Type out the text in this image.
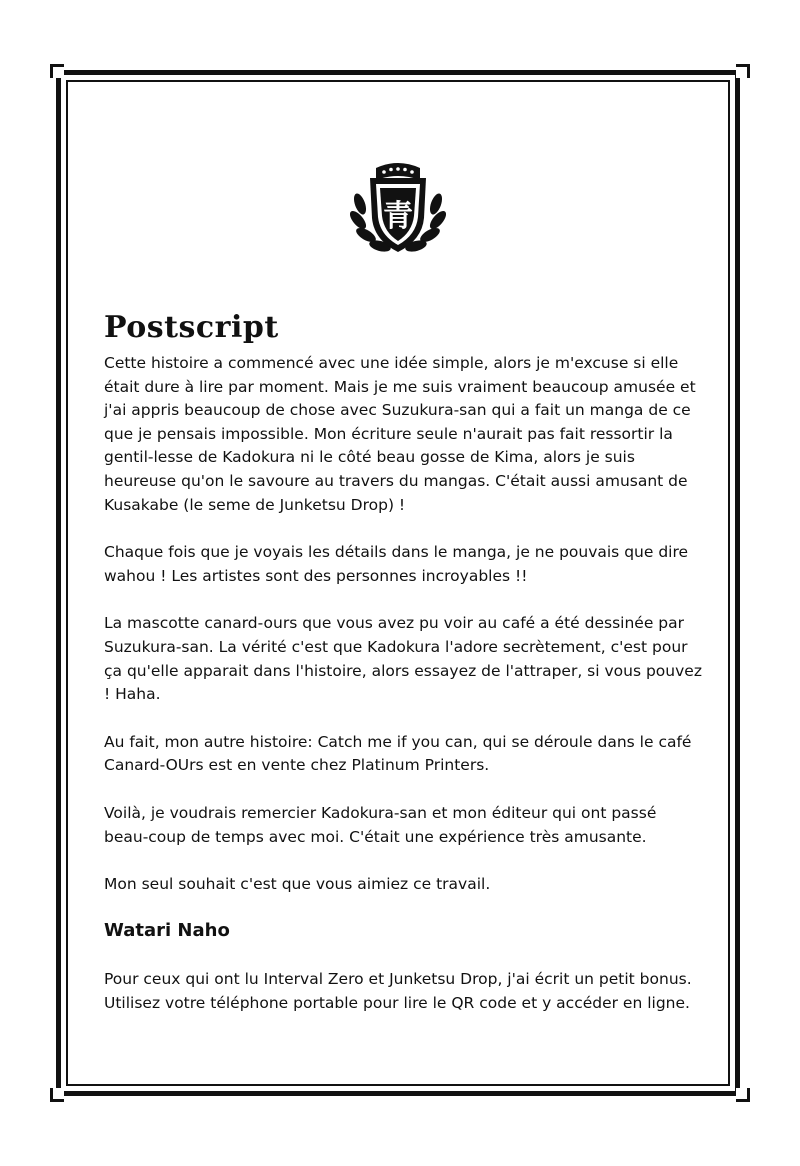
青
Postscript

Cette histoire a commencé avec une idée simple, alors je m'excuse si elle était dure à lire par moment. Mais je me suis vraiment beaucoup amusée et j'ai appris beaucoup de chose avec Suzukura-san qui a fait un manga de ce que je pensais impossible. Mon écriture seule n'aurait pas fait ressortir la gentil-lesse de Kadokura ni le côté beau gosse de Kima, alors je suis heureuse qu'on le savoure au travers du mangas. C'était aussi amusant de Kusakabe (le seme de Junketsu Drop) !

Chaque fois que je voyais les détails dans le manga, je ne pouvais que dire wahou ! Les artistes sont des personnes incroyables !!

La mascotte canard-ours que vous avez pu voir au café a été dessinée par Suzukura-san. La vérité c'est que Kadokura l'adore secrètement, c'est pour ça qu'elle apparait dans l'histoire, alors essayez de l'attraper, si vous pouvez ! Haha.

Au fait, mon autre histoire: Catch me if you can, qui se déroule dans le café Canard-OUrs est en vente chez Platinum Printers.

Voilà, je voudrais remercier Kadokura-san et mon éditeur qui ont passé beau-coup de temps avec moi. C'était une expérience très amusante.

Mon seul souhait c'est que vous aimiez ce travail.

Watari Naho

Pour ceux qui ont lu Interval Zero et Junketsu Drop, j'ai écrit un petit bonus. Utilisez votre téléphone portable pour lire le QR code et y accéder en ligne.
